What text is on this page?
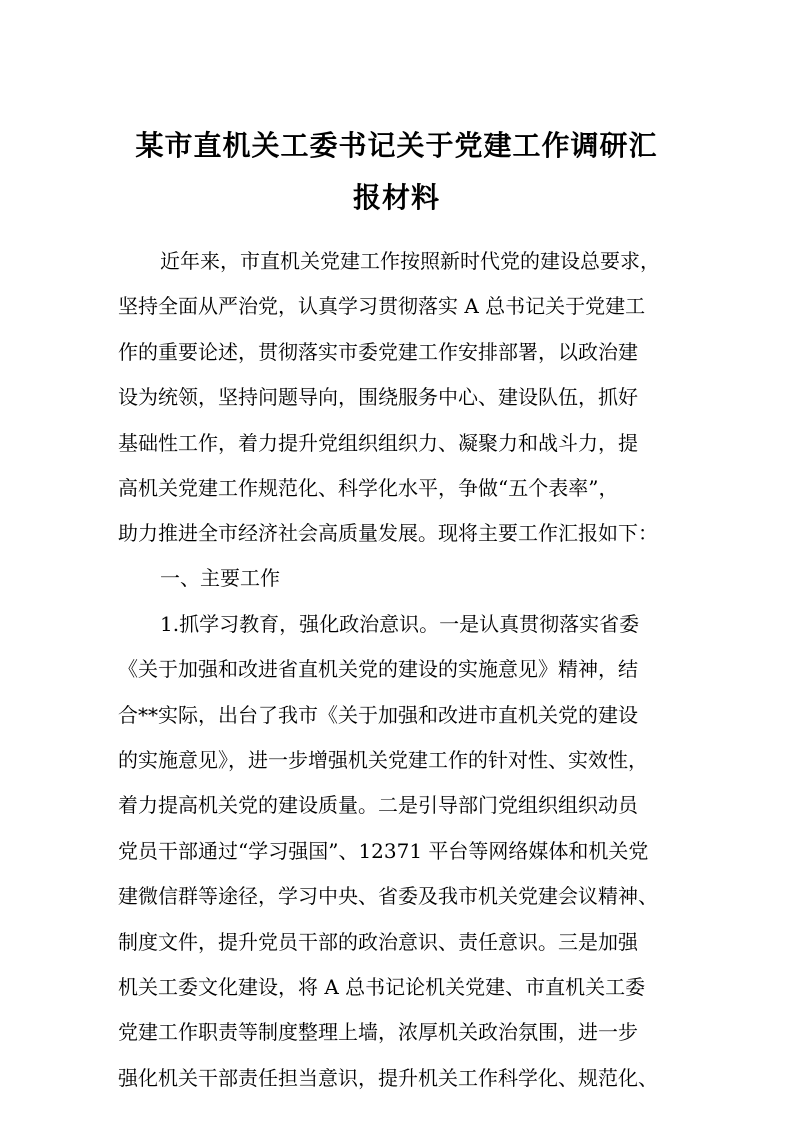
某市直机关工委书记关于党建工作调研汇
报材料
近年来，市直机关党建工作按照新时代党的建设总要求，
坚持全面从严治党，认真学习贯彻落实 A 总书记关于党建工
作的重要论述，贯彻落实市委党建工作安排部署，以政治建
设为统领，坚持问题导向，围绕服务中心、建设队伍，抓好
基础性工作，着力提升党组织组织力、凝聚力和战斗力，提
高机关党建工作规范化、科学化水平，争做“五个表率”，
助力推进全市经济社会高质量发展。现将主要工作汇报如下：
一、主要工作
1.抓学习教育，强化政治意识。一是认真贯彻落实省委
《关于加强和改进省直机关党的建设的实施意见》精神，结
合**实际，出台了我市《关于加强和改进市直机关党的建设
的实施意见》，进一步增强机关党建工作的针对性、实效性，
着力提高机关党的建设质量。二是引导部门党组织组织动员
党员干部通过“学习强国”、12371 平台等网络媒体和机关党
建微信群等途径，学习中央、省委及我市机关党建会议精神、
制度文件，提升党员干部的政治意识、责任意识。三是加强
机关工委文化建设，将 A 总书记论机关党建、市直机关工委
党建工作职责等制度整理上墙，浓厚机关政治氛围，进一步
强化机关干部责任担当意识，提升机关工作科学化、规范化、
